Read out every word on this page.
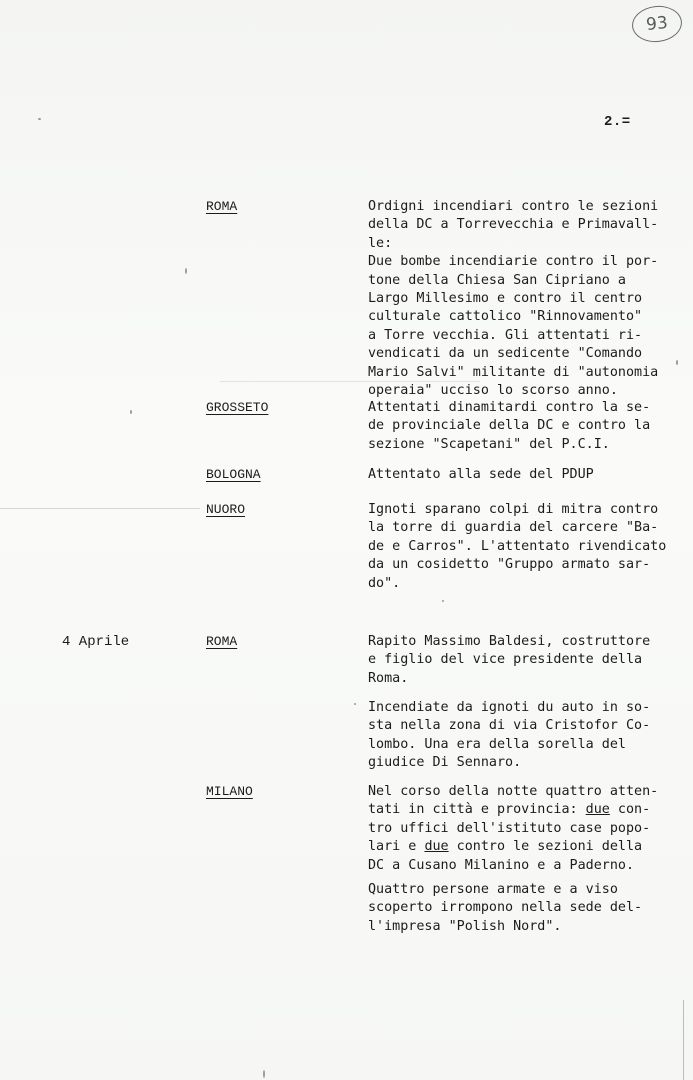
93
2.=
ROMA	Ordigni incendiari contro le sezioni
della DC a Torrevecchia e Primavall-
le:
Due bombe incendiarie contro il por-
tone della Chiesa San Cipriano a
Largo Millesimo e contro il centro
culturale cattolico "Rinnovamento"
a Torre vecchia. Gli attentati ri-
vendicati da un sedicente "Comando
Mario Salvi" militante di "autonomia
operaia" ucciso lo scorso anno.
GROSSETO	Attentati dinamitardi contro la se-
de provinciale della DC e contro la
sezione "Scapetani" del P.C.I.
BOLOGNA	Attentato alla sede del PDUP
NUORO	Ignoti sparano colpi di mitra contro
la torre di guardia del carcere "Ba-
de e Carros". L'attentato rivendicato
da un cosidetto "Gruppo armato sar-
do".
4 Aprile	ROMA	Rapito Massimo Baldesi, costruttore
e figlio del vice presidente della
Roma.
Incendiate da ignoti du auto in so-
sta nella zona di via Cristofor Co-
lombo. Una era della sorella del
giudice Di Sennaro.
MILANO	Nel corso della notte quattro atten-
tati in città e provincia: due con-
tro uffici dell'istituto case popo-
lari e due contro le sezioni della
DC a Cusano Milanino e a Paderno.
Quattro persone armate e a viso
scoperto irrompono nella sede del-
l'impresa "Polish Nord".
